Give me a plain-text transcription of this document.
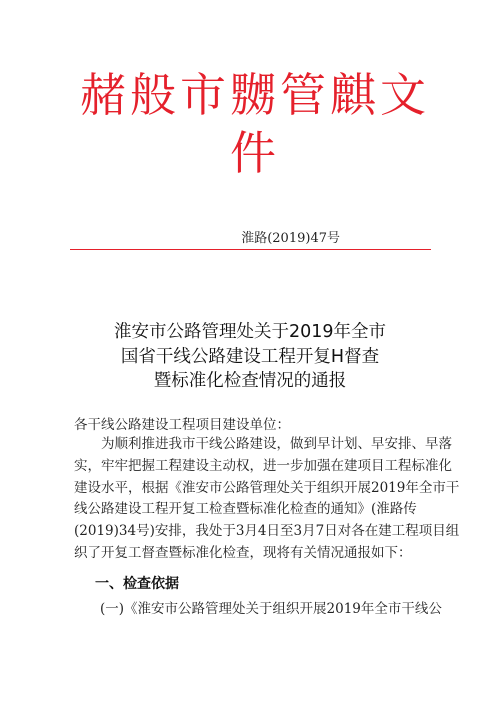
赭般市嬲管麒文
件
淮路(2019)47号
淮安市公路管理处关于2019年全市
国省干线公路建设工程开复H督查
暨标准化检查情况的通报
各干线公路建设工程项目建设单位：
　　为顺利推进我市干线公路建设，做到早计划、早安排、早落
实，牢牢把握工程建设主动权，进一步加强在建项目工程标准化
建设水平，根据《淮安市公路管理处关于组织开展2019年全市干
线公路建设工程开复工检查暨标准化检查的通知》(淮路传
(2019)34号)安排，我处于3月4日至3月7日对各在建工程项目组
织了开复工督查暨标准化检查，现将有关情况通报如下：
一、检查依据
(一)《淮安市公路管理处关于组织开展2019年全市干线公
